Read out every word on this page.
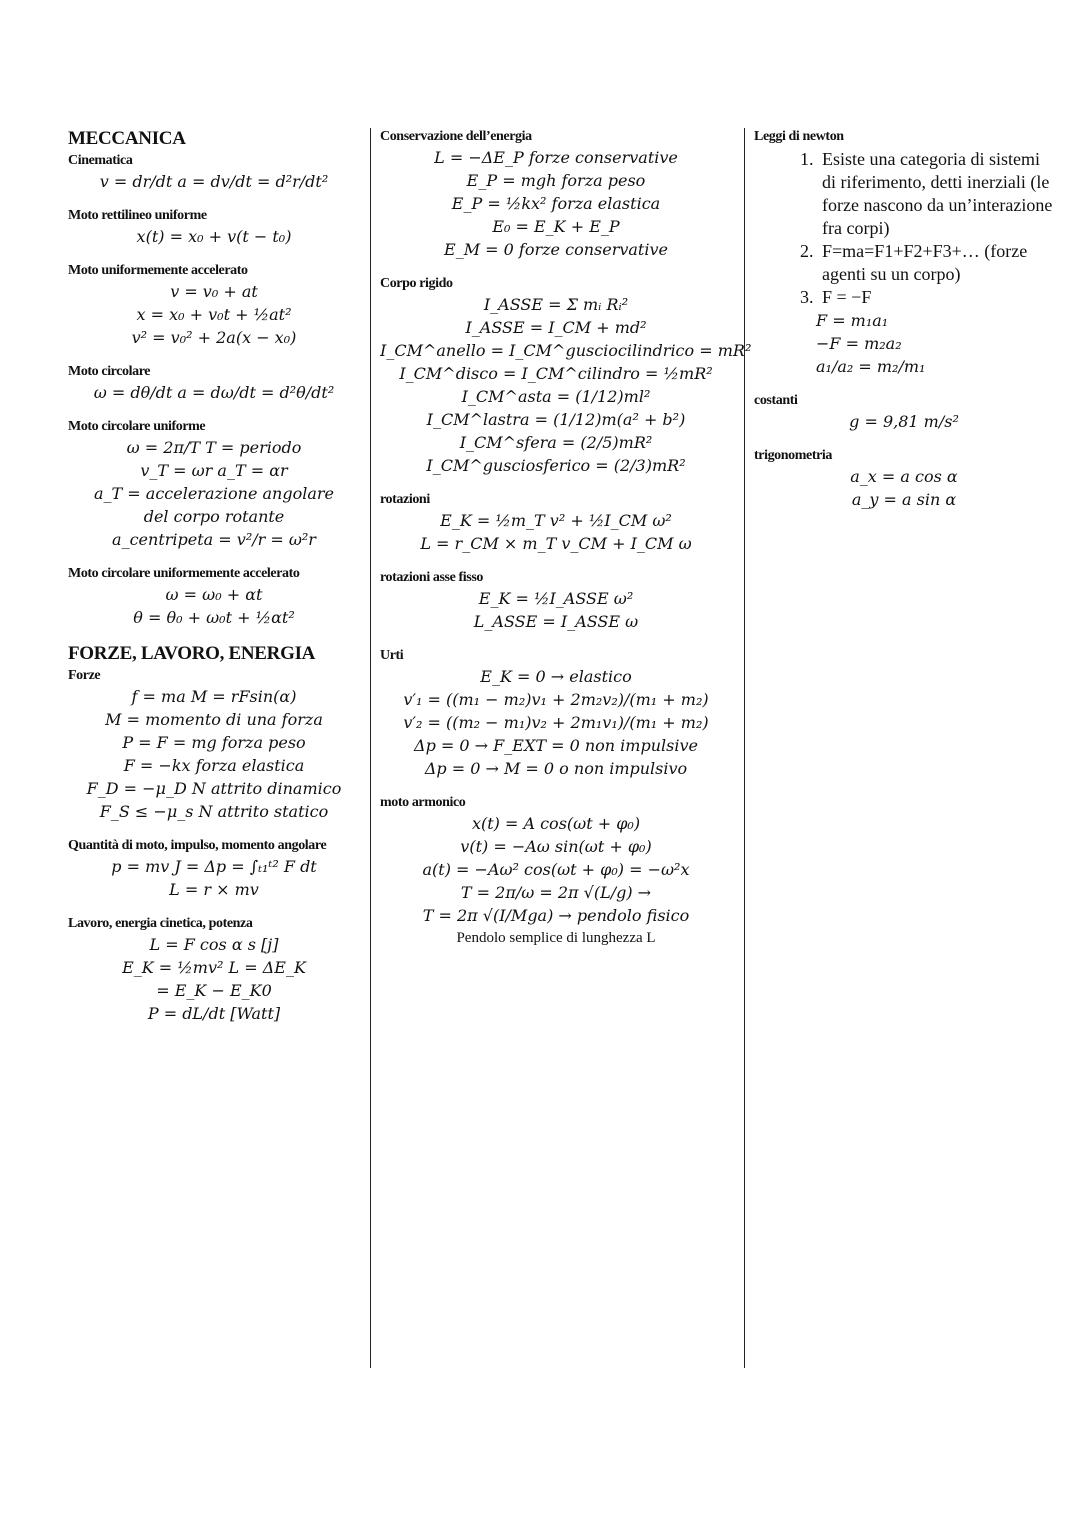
MECCANICA
Cinematica
v = dr/dt a = dv/dt = d²r/dt²
Moto rettilineo uniforme
x(t) = x₀ + v(t − t₀)
Moto uniformemente accelerato
v = v₀ + at
x = x₀ + v₀t + ½at²
v² = v₀² + 2a(x − x₀)
Moto circolare
ω = dθ/dt a = dω/dt = d²θ/dt²
Moto circolare uniforme
ω = 2π/T T = periodo
v_T = ωr a_T = αr
a_T = accelerazione angolare
del corpo rotante
a_centripeta = v²/r = ω²r
Moto circolare uniformemente accelerato
ω = ω₀ + αt
θ = θ₀ + ω₀t + ½αt²
FORZE, LAVORO, ENERGIA
Forze
f = ma M = rFsin(α)
M = momento di una forza
P = F = mg forza peso
F = −kx forza elastica
F_D = −μ_D N attrito dinamico
F_S ≤ −μ_s N attrito statico
Quantità di moto, impulso, momento angolare
p = mv J = Δp = ∫ₜ₁ᵗ² F dt
L = r × mv
Lavoro, energia cinetica, potenza
L = F cos α s [j]
E_K = ½mv² L = ΔE_K
= E_K − E_K0
P = dL/dt [Watt]
Conservazione dell’energia
L = −ΔE_P forze conservative
E_P = mgh forza peso
E_P = ½kx² forza elastica
E₀ = E_K + E_P
E_M = 0 forze conservative
Corpo rigido
I_ASSE = Σ mᵢ Rᵢ²
I_ASSE = I_CM + md²
I_CM^anello = I_CM^gusciocilindrico = mR²
I_CM^disco = I_CM^cilindro = ½mR²
I_CM^asta = (1/12)ml²
I_CM^lastra = (1/12)m(a² + b²)
I_CM^sfera = (2/5)mR²
I_CM^gusciosferico = (2/3)mR²
rotazioni
E_K = ½m_T v² + ½I_CM ω²
L = r_CM × m_T v_CM + I_CM ω
rotazioni asse fisso
E_K = ½I_ASSE ω²
L_ASSE = I_ASSE ω
Urti
E_K = 0 → elastico
v′₁ = ((m₁ − m₂)v₁ + 2m₂v₂)/(m₁ + m₂)
v′₂ = ((m₂ − m₁)v₂ + 2m₁v₁)/(m₁ + m₂)
Δp = 0 → F_EXT = 0 non impulsive
Δp = 0 → M = 0 o non impulsivo
moto armonico
x(t) = A cos(ωt + φ₀)
v(t) = −Aω sin(ωt + φ₀)
a(t) = −Aω² cos(ωt + φ₀) = −ω²x
T = 2π/ω = 2π √(L/g) →
T = 2π √(I/Mga) → pendolo fisico
Pendolo semplice di lunghezza L
Leggi di newton
1. Esiste una categoria di sistemi di riferimento, detti inerziali (le forze nascono da un’interazione fra corpi)
2. F=ma=F1+F2+F3+… (forze agenti su un corpo)
3. F = −F
F = m₁a₁
−F = m₂a₂
a₁/a₂ = m₂/m₁
costanti
g = 9,81 m/s²
trigonometria
a_x = a cos α
a_y = a sin α
